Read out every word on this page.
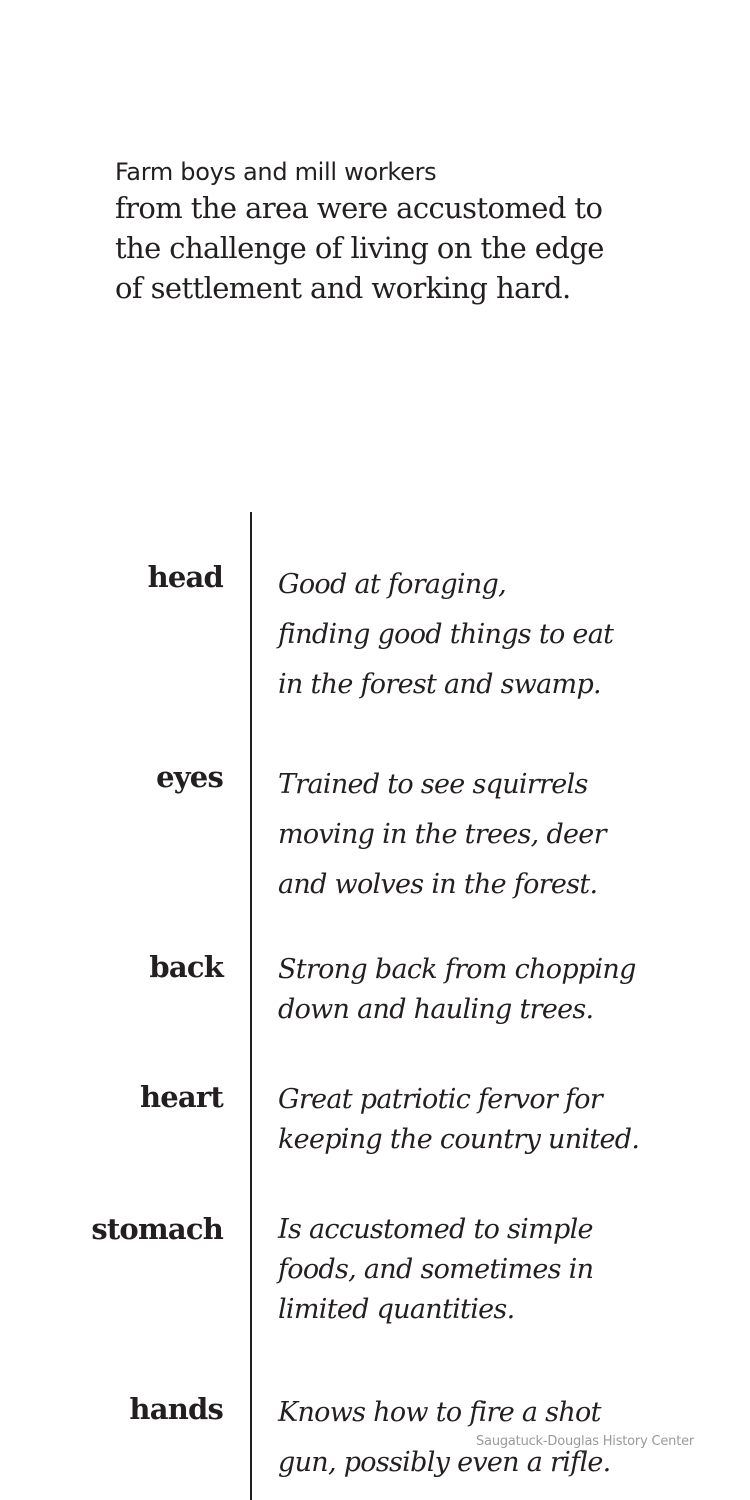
Farm boys and mill workers

from the area were accustomed to
the challenge of living on the edge
of settlement and working hard.

head Good at foraging,
finding good things to eat
in the forest and swamp.
eyes Trained to see squirrels
moving in the trees, deer
and wolves in the forest.
back Strong back from chopping
down and hauling trees.
heart Great patriotic fervor for
keeping the country united.
stomach Is accustomed to simple
foods, and sometimes in
limited quantities.
hands Knows how to fire a shot
gun, possibly even a rifle.
Saugatuck-Douglas History Center
